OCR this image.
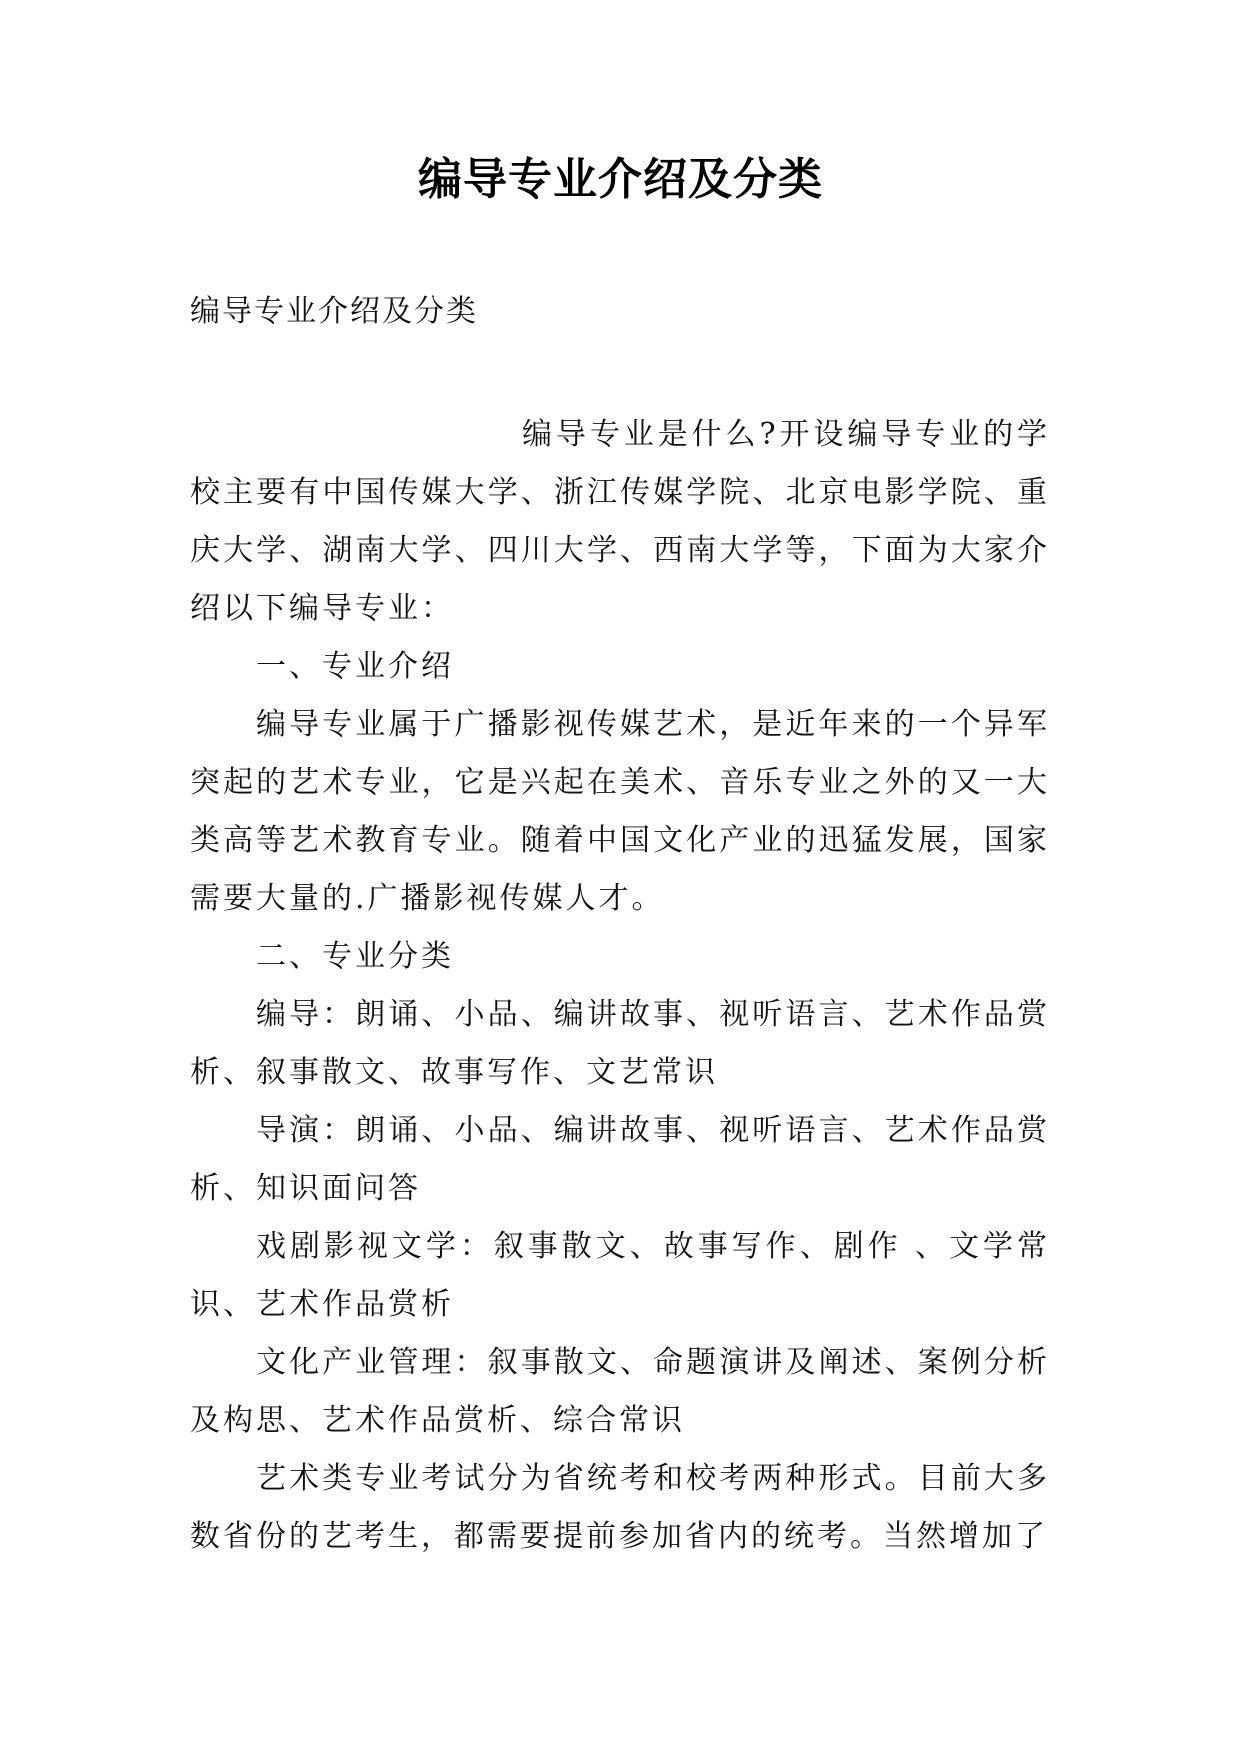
编导专业介绍及分类
编导专业介绍及分类

编导专业是什么?开设编导专业的学校主要有中国传媒大学、浙江传媒学院、北京电影学院、重庆大学、湖南大学、四川大学、西南大学等，下面为大家介绍以下编导专业：

一、专业介绍

编导专业属于广播影视传媒艺术，是近年来的一个异军突起的艺术专业，它是兴起在美术、音乐专业之外的又一大类高等艺术教育专业。随着中国文化产业的迅猛发展，国家需要大量的.广播影视传媒人才。

二、专业分类

编导：朗诵、小品、编讲故事、视听语言、艺术作品赏析、叙事散文、故事写作、文艺常识

导演：朗诵、小品、编讲故事、视听语言、艺术作品赏析、知识面问答

戏剧影视文学：叙事散文、故事写作、剧作 、文学常识、艺术作品赏析

文化产业管理：叙事散文、命题演讲及阐述、案例分析及构思、艺术作品赏析、综合常识

艺术类专业考试分为省统考和校考两种形式。目前大多数省份的艺考生，都需要提前参加省内的统考。当然增加了
